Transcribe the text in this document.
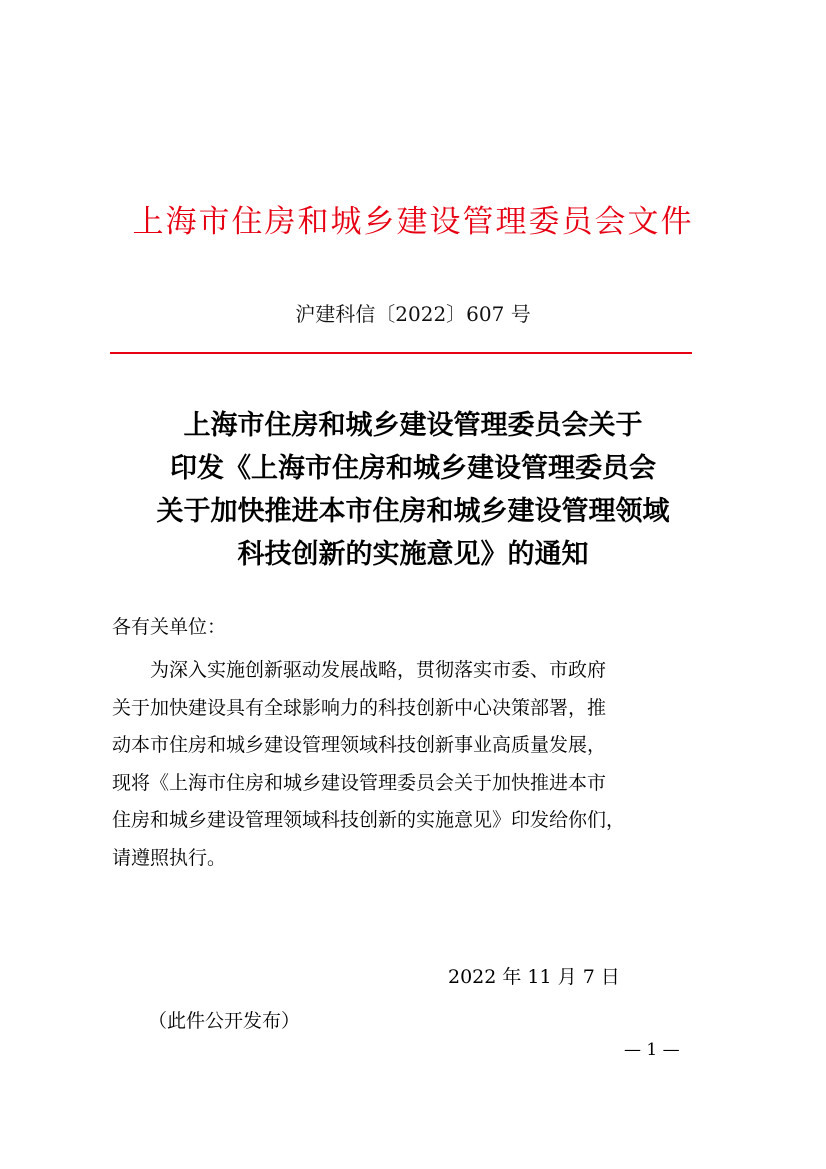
上海市住房和城乡建设管理委员会文件
沪建科信〔2022〕607 号
上海市住房和城乡建设管理委员会关于
印发《上海市住房和城乡建设管理委员会
关于加快推进本市住房和城乡建设管理领域
科技创新的实施意见》的通知
各有关单位：
为深入实施创新驱动发展战略，贯彻落实市委、市政府
关于加快建设具有全球影响力的科技创新中心决策部署，推
动本市住房和城乡建设管理领域科技创新事业高质量发展，
现将《上海市住房和城乡建设管理委员会关于加快推进本市
住房和城乡建设管理领域科技创新的实施意见》印发给你们，
请遵照执行。
2022 年 11 月 7 日
（此件公开发布）
— 1 —
